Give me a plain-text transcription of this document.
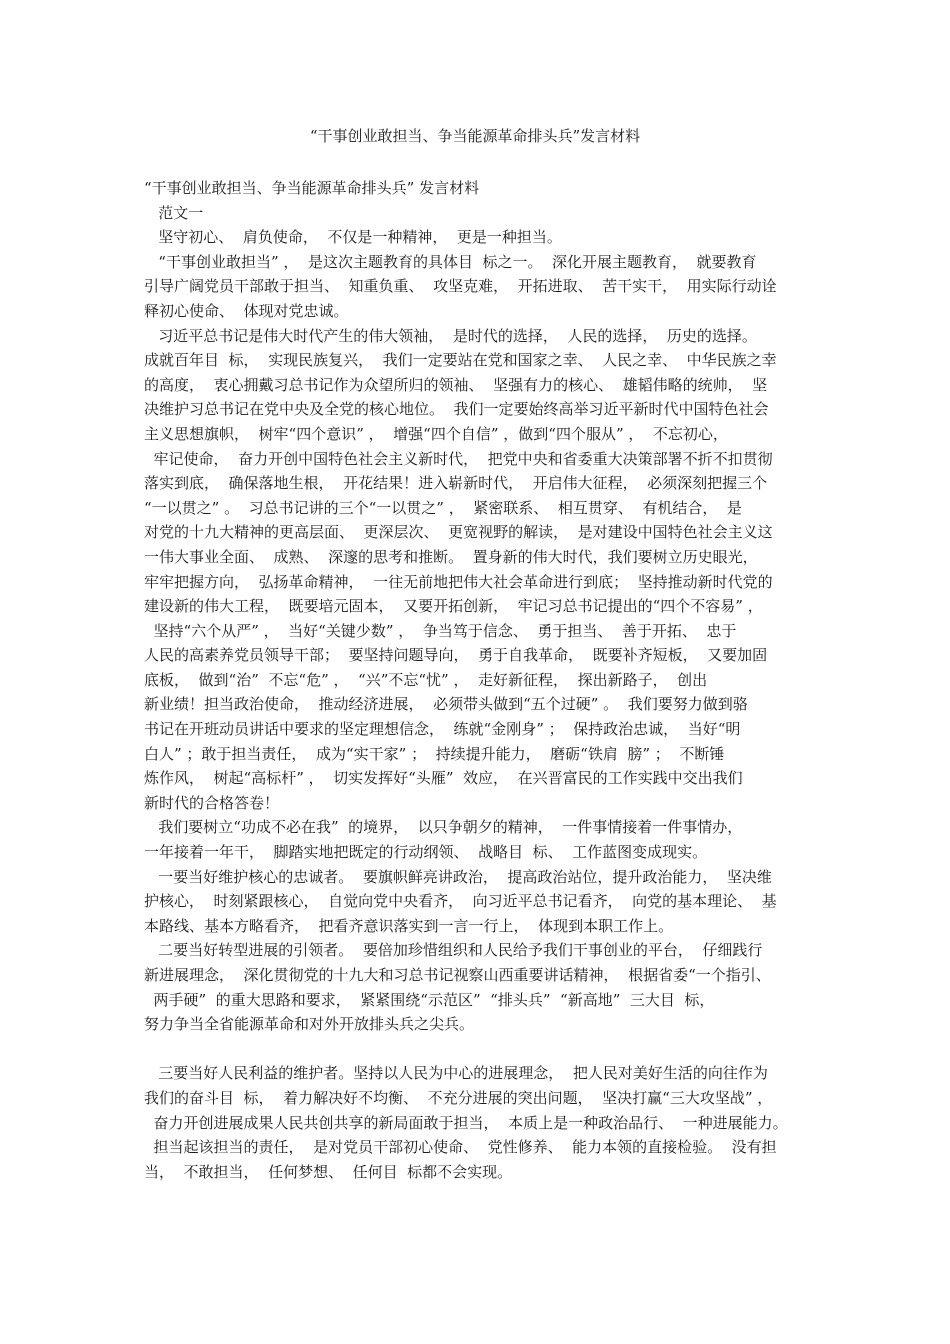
“干事创业敢担当、争当能源革命排头兵”发言材料
“干事创业敢担当、争当能源革命排头兵” 发言材料
范文一
坚守初心、  肩负使命，  不仅是一种精神，  更是一种担当。
“干事创业敢担当” ，  是这次主题教育的具体目  标之一。  深化开展主题教育，  就要教育
引导广阔党员干部敢于担当、  知重负重、  攻坚克难，  开拓进取、  苦干实干，  用实际行动诠
释初心使命、  体现对党忠诚。
习近平总书记是伟大时代产生的伟大领袖，  是时代的选择，  人民的选择，  历史的选择。
成就百年目  标，  实现民族复兴，  我们一定要站在党和国家之幸、  人民之幸、  中华民族之幸
的高度，  衷心拥戴习总书记作为众望所归的领袖、  坚强有力的核心、  雄韬伟略的统帅，  坚
决维护习总书记在党中央及全党的核心地位。  我们一定要始终高举习近平新时代中国特色社会
主义思想旗帜，  树牢“四个意识” ，  增强“四个自信” ，做到“四个服从” ，  不忘初心，
牢记使命，  奋力开创中国特色社会主义新时代，  把党中央和省委重大决策部署不折不扣贯彻
落实到底，  确保落地生根，  开花结果！进入崭新时代，  开启伟大征程，  必须深刻把握三个
“一以贯之” 。  习总书记讲的三个“一以贯之” ，  紧密联系、  相互贯穿、  有机结合，  是
对党的十九大精神的更高层面、  更深层次、  更宽视野的解读，  是对建设中国特色社会主义这
一伟大事业全面、  成熟、  深邃的思考和推断。  置身新的伟大时代，我们要树立历史眼光，
牢牢把握方向，  弘扬革命精神，  一往无前地把伟大社会革命进行到底；  坚持推动新时代党的
建设新的伟大工程，  既要培元固本，  又要开拓创新，  牢记习总书记提出的“四个不容易” ，
坚持“六个从严” ，  当好“关键少数” ，  争当笃于信念、  勇于担当、  善于开拓、  忠于
人民的高素养党员领导干部；  要坚持问题导向，  勇于自我革命，  既要补齐短板，  又要加固
底板，  做到“治”  不忘“危” ，  “兴”不忘“忧” ，  走好新征程，  探出新路子，  创出
新业绩！担当政治使命，  推动经济进展，  必须带头做到“五个过硬” 。  我们要努力做到骆
书记在开班动员讲话中要求的坚定理想信念，  练就“金刚身” ；  保持政治忠诚，  当好“明
白人” ；敢于担当责任，  成为“实干家” ；  持续提升能力，  磨砺“铁肩  膀” ；  不断锤
炼作风，  树起“高标杆” ，  切实发挥好“头雁”  效应，  在兴晋富民的工作实践中交出我们
新时代的合格答卷！
我们要树立“功成不必在我”  的境界，  以只争朝夕的精神，  一件事情接着一件事情办，
一年接着一年干，  脚踏实地把既定的行动纲领、  战略目  标、  工作蓝图变成现实。
一要当好维护核心的忠诚者。  要旗帜鲜亮讲政治，  提高政治站位，提升政治能力，  坚决维
护核心，  时刻紧跟核心，  自觉向党中央看齐，  向习近平总书记看齐，  向党的基本理论、  基
本路线、基本方略看齐，  把看齐意识落实到一言一行上，  体现到本职工作上。
二要当好转型进展的引领者。  要倍加珍惜组织和人民给予我们干事创业的平台，  仔细践行
新进展理念，  深化贯彻党的十九大和习总书记视察山西重要讲话精神，  根据省委“一个指引、
两手硬”  的重大思路和要求，  紧紧围绕“示范区”  “排头兵”  “新高地”  三大目  标，
努力争当全省能源革命和对外开放排头兵之尖兵。
三要当好人民利益的维护者。坚持以人民为中心的进展理念，  把人民对美好生活的向往作为
我们的奋斗目  标，  着力解决好不均衡、  不充分进展的突出问题，  坚决打赢“三大攻坚战” ，
奋力开创进展成果人民共创共享的新局面敢于担当，  本质上是一种政治品行、  一种进展能力。
担当起该担当的责任，  是对党员干部初心使命、  党性修养、  能力本领的直接检验。  没有担
当，  不敢担当，  任何梦想、  任何目  标都不会实现。
